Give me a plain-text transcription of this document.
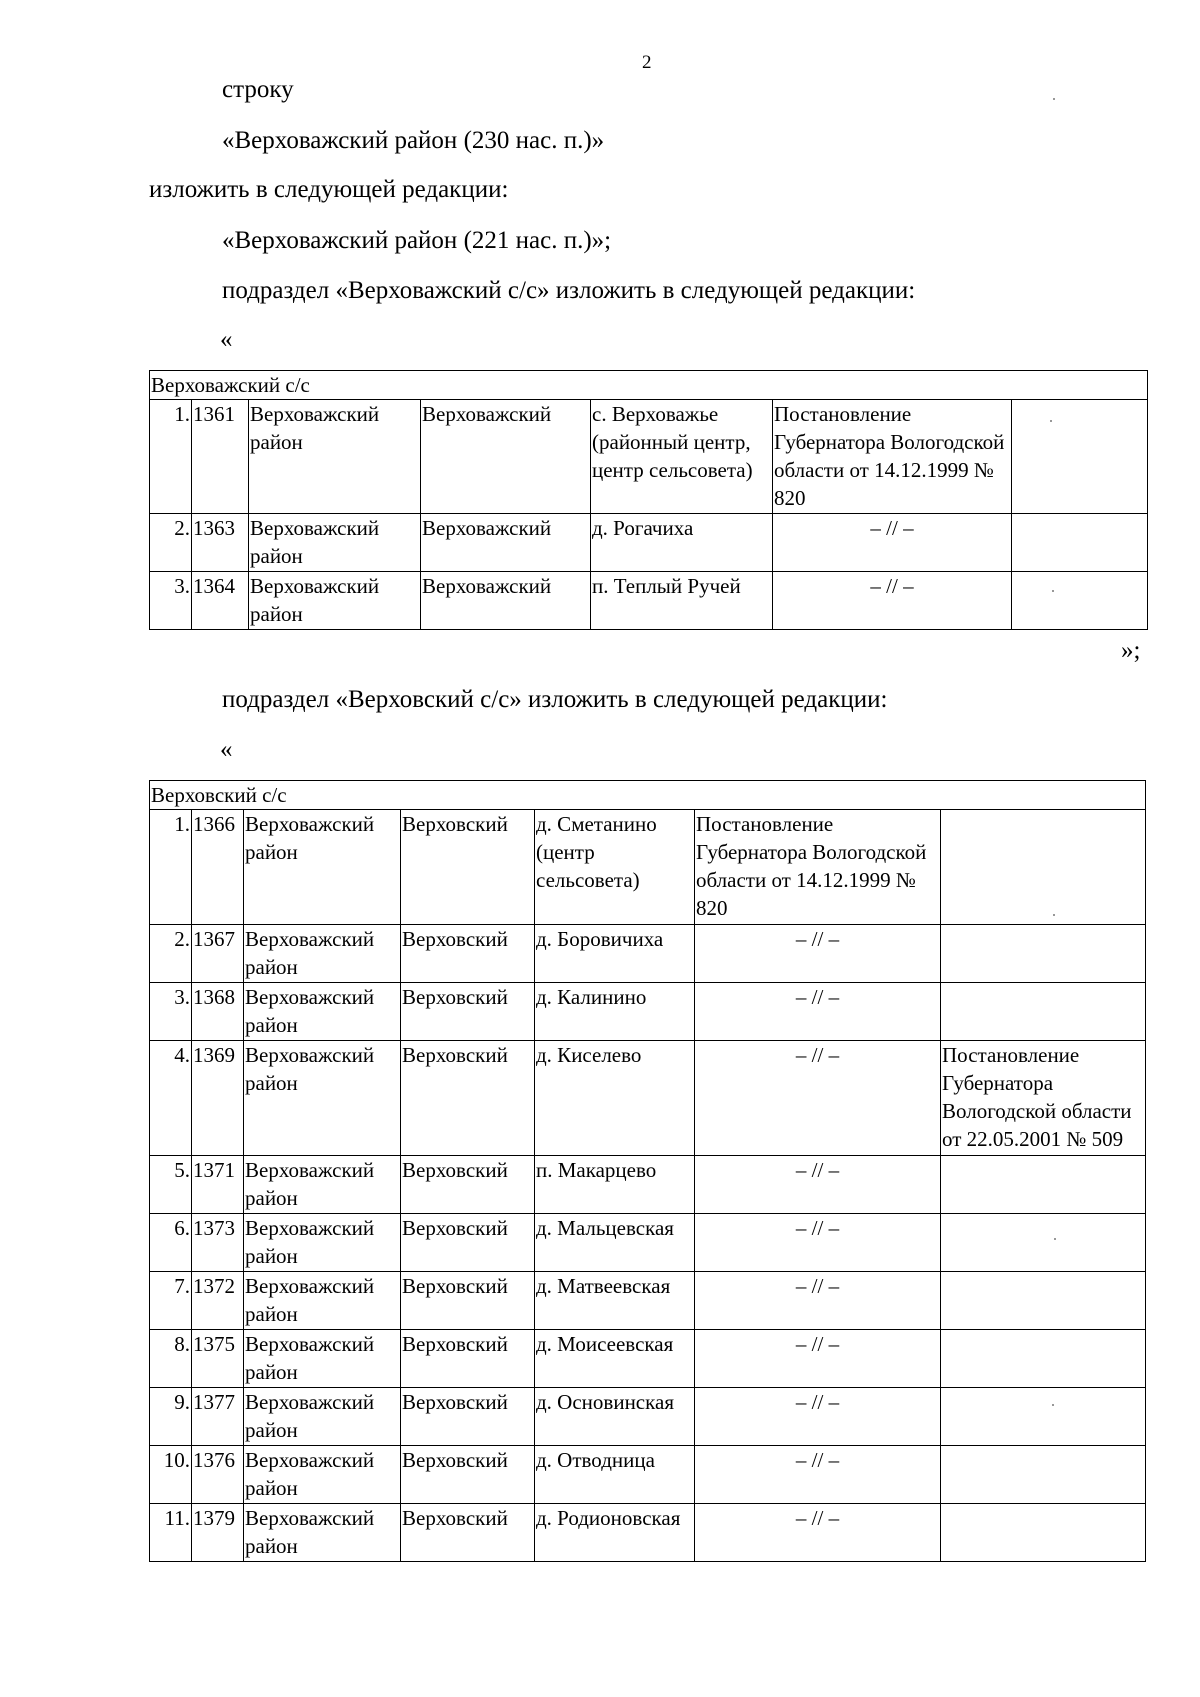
2
строку
«Верховажский район (230 нас. п.)»
изложить в следующей редакции:
«Верховажский район (221 нас. п.)»;
подраздел «Верховажский с/с» изложить в следующей редакции:
«
Верховажский с/с						
1.	1361	Верховажский район	Верховажский	с. Верховажье (районный центр, центр сельсовета)	Постановление Губернатора Вологодской области от 14.12.1999 № 820	
2.	1363	Верховажский район	Верховажский	д. Рогачиха	– // –	
3.	1364	Верховажский район	Верховажский	п. Теплый Ручей	– // –	
»;
подраздел «Верховский с/с» изложить в следующей редакции:
«
Верховский с/с						
1.	1366	Верховажский район	Верховский	д. Сметанино (центр сельсовета)	Постановление Губернатора Вологодской области от 14.12.1999 № 820	
2.	1367	Верховажский район	Верховский	д. Боровичиха	– // –	
3.	1368	Верховажский район	Верховский	д. Калинино	– // –	
4.	1369	Верховажский район	Верховский	д. Киселево	– // –	Постановление Губернатора Вологодской области от 22.05.2001 № 509
5.	1371	Верховажский район	Верховский	п. Макарцево	– // –	
6.	1373	Верховажский район	Верховский	д. Мальцевская	– // –	
7.	1372	Верховажский район	Верховский	д. Матвеевская	– // –	
8.	1375	Верховажский район	Верховский	д. Моисеевская	– // –	
9.	1377	Верховажский район	Верховский	д. Основинская	– // –	
10.	1376	Верховажский район	Верховский	д. Отводница	– // –	
11.	1379	Верховажский район	Верховский	д. Родионовская	– // –	
